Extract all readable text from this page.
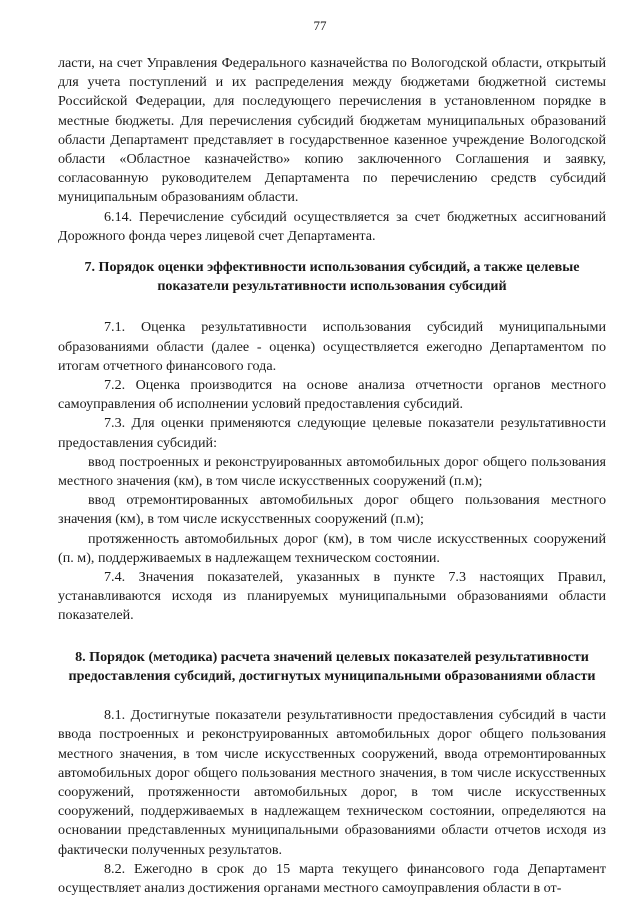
77

ласти, на счет Управления Федерального казначейства по Вологодской области, открытый для учета поступлений и их распределения между бюджетами бюджетной системы Российской Федерации, для последующего перечисления в установленном порядке в местные бюджеты. Для перечисления субсидий бюджетам муниципальных образований области Департамент представляет в государственное казенное учреждение Вологодской области «Областное казначейство» копию заключенного Соглашения и заявку, согласованную руководителем Департамента по перечислению средств субсидий муниципальным образованиям области.

6.14. Перечисление субсидий осуществляется за счет бюджетных ассигнований Дорожного фонда через лицевой счет Департамента.

7. Порядок оценки эффективности использования субсидий, а также целевые показатели результативности использования субсидий

7.1. Оценка результативности использования субсидий муниципальными образованиями области (далее - оценка) осуществляется ежегодно Департаментом по итогам отчетного финансового года.

7.2. Оценка производится на основе анализа отчетности органов местного самоуправления об исполнении условий предоставления субсидий.

7.3. Для оценки применяются следующие целевые показатели результативности предоставления субсидий:

ввод построенных и реконструированных автомобильных дорог общего пользования местного значения (км), в том числе искусственных сооружений (п.м);

ввод отремонтированных автомобильных дорог общего пользования местного значения (км), в том числе искусственных сооружений (п.м);

протяженность автомобильных дорог (км), в том числе искусственных сооружений (п. м), поддерживаемых в надлежащем техническом состоянии.

7.4. Значения показателей, указанных в пункте 7.3 настоящих Правил, устанавливаются исходя из планируемых муниципальными образованиями области показателей.

8. Порядок (методика) расчета значений целевых показателей результативности предоставления субсидий, достигнутых муниципальными образованиями области

8.1. Достигнутые показатели результативности предоставления субсидий в части ввода построенных и реконструированных автомобильных дорог общего пользования местного значения, в том числе искусственных сооружений, ввода отремонтированных автомобильных дорог общего пользования местного значения, в том числе искусственных сооружений, протяженности автомобильных дорог, в том числе искусственных сооружений, поддерживаемых в надлежащем техническом состоянии, определяются на основании представленных муниципальными образованиями области отчетов исходя из фактически полученных результатов.

8.2. Ежегодно в срок до 15 марта текущего финансового года Департамент осуществляет анализ достижения органами местного самоуправления области в от-
